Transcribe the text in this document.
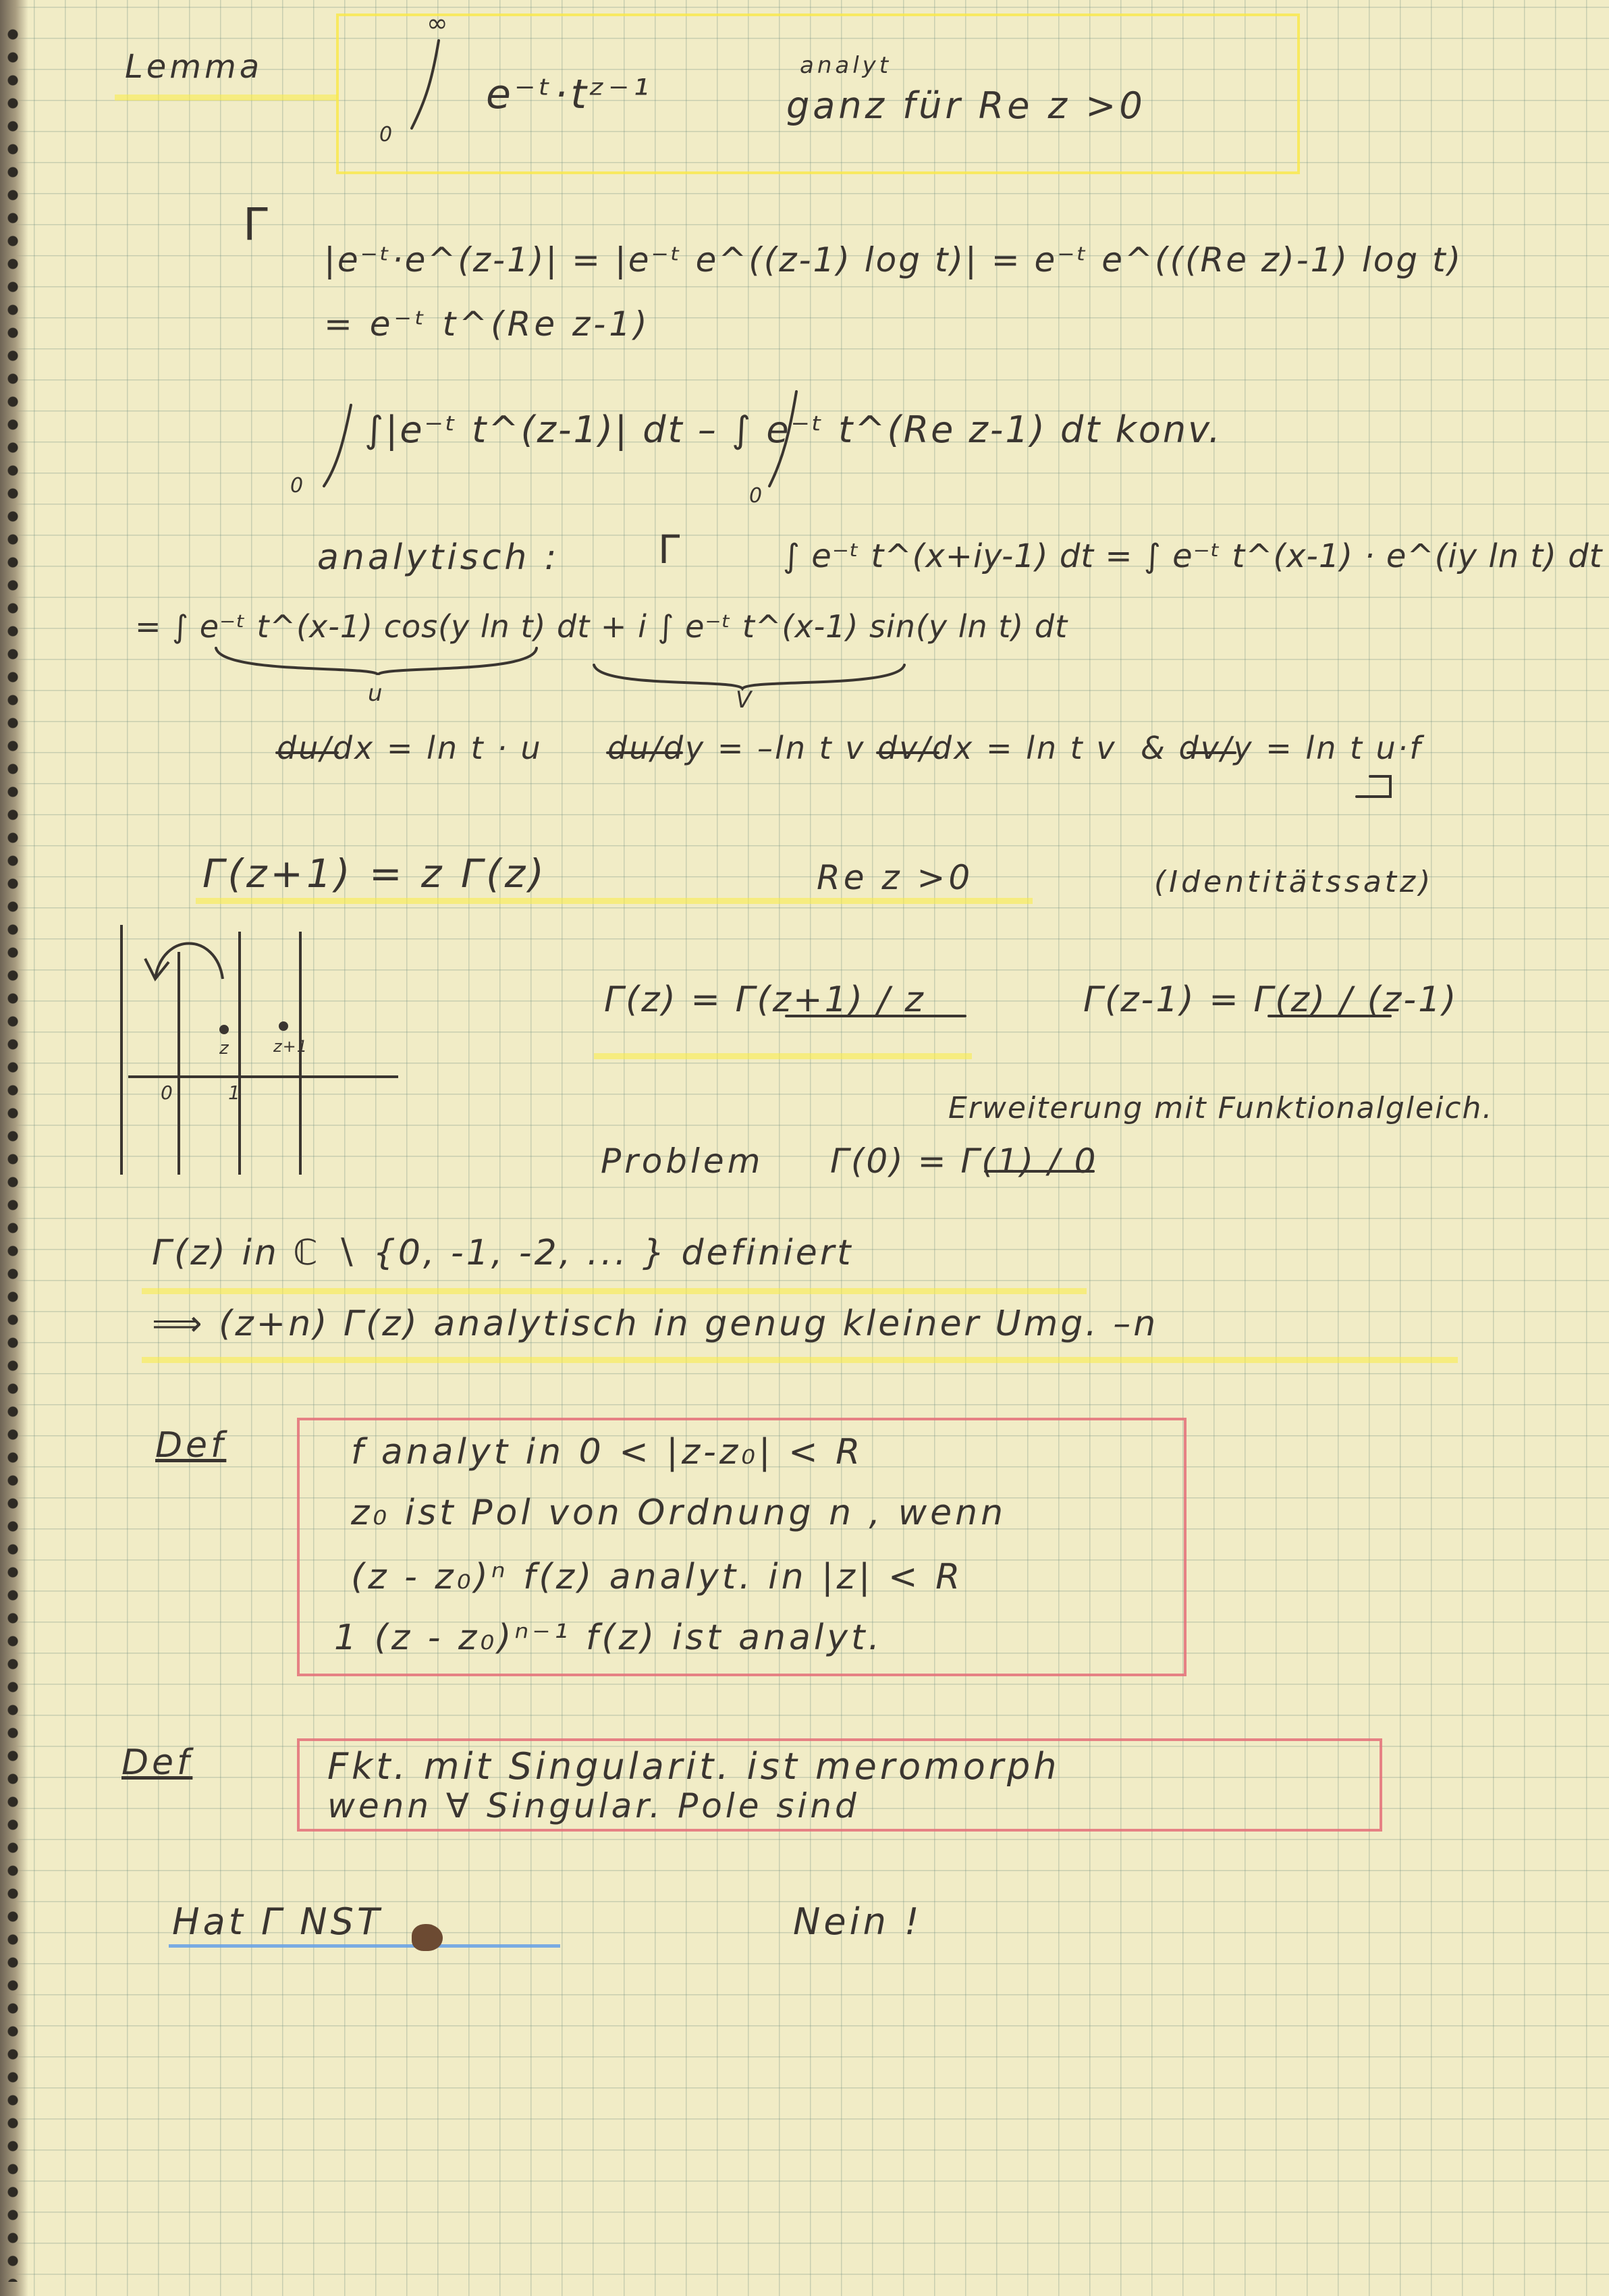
Lemma
∞
0
e⁻ᵗ·tᶻ⁻¹
analyt
ganz für Re z >0
Γ
|e⁻ᵗ·e^(z-1)| = |e⁻ᵗ e^((z-1) log t)| = e⁻ᵗ e^(((Re z)-1) log t)
= e⁻ᵗ t^(Re z-1)
∫|e⁻ᵗ t^(z-1)| dt – ∫ e⁻ᵗ t^(Re z-1) dt konv.
0	0
analytisch :	Γ	∫ e⁻ᵗ t^(x+iy-1) dt = ∫ e⁻ᵗ t^(x-1) · e^(iy ln t) dt
= ∫ e⁻ᵗ t^(x-1) cos(y ln t) dt + i ∫ e⁻ᵗ t^(x-1) sin(y ln t) dt
u	V
du/dx = ln t · u du/dy = –ln t v dv/dx = ln t v & dv/y = ln t u·f
Γ(z+1) = z Γ(z)	Re z >0	(Identitätssatz)
0	1
z	z+1
Γ(z) = Γ(z+1) / z	Γ(z-1) = Γ(z) / (z-1)
Erweiterung mit Funktionalgleich.
Problem Γ(0) = Γ(1) / 0
Γ(z) in ℂ ∖ {0, -1, -2, ... } definiert
⟹ (z+n) Γ(z) analytisch in genug kleiner Umg. –n
Def	f analyt in 0 < |z-z₀| < R
z₀ ist Pol von Ordnung n , wenn
(z - z₀)ⁿ f(z) analyt. in |z| < R
1 (z - z₀)ⁿ⁻¹ f(z) ist analyt.
Def	Fkt. mit Singularit. ist meromorph
wenn ∀ Singular. Pole sind
Hat Γ NST	Nein !
